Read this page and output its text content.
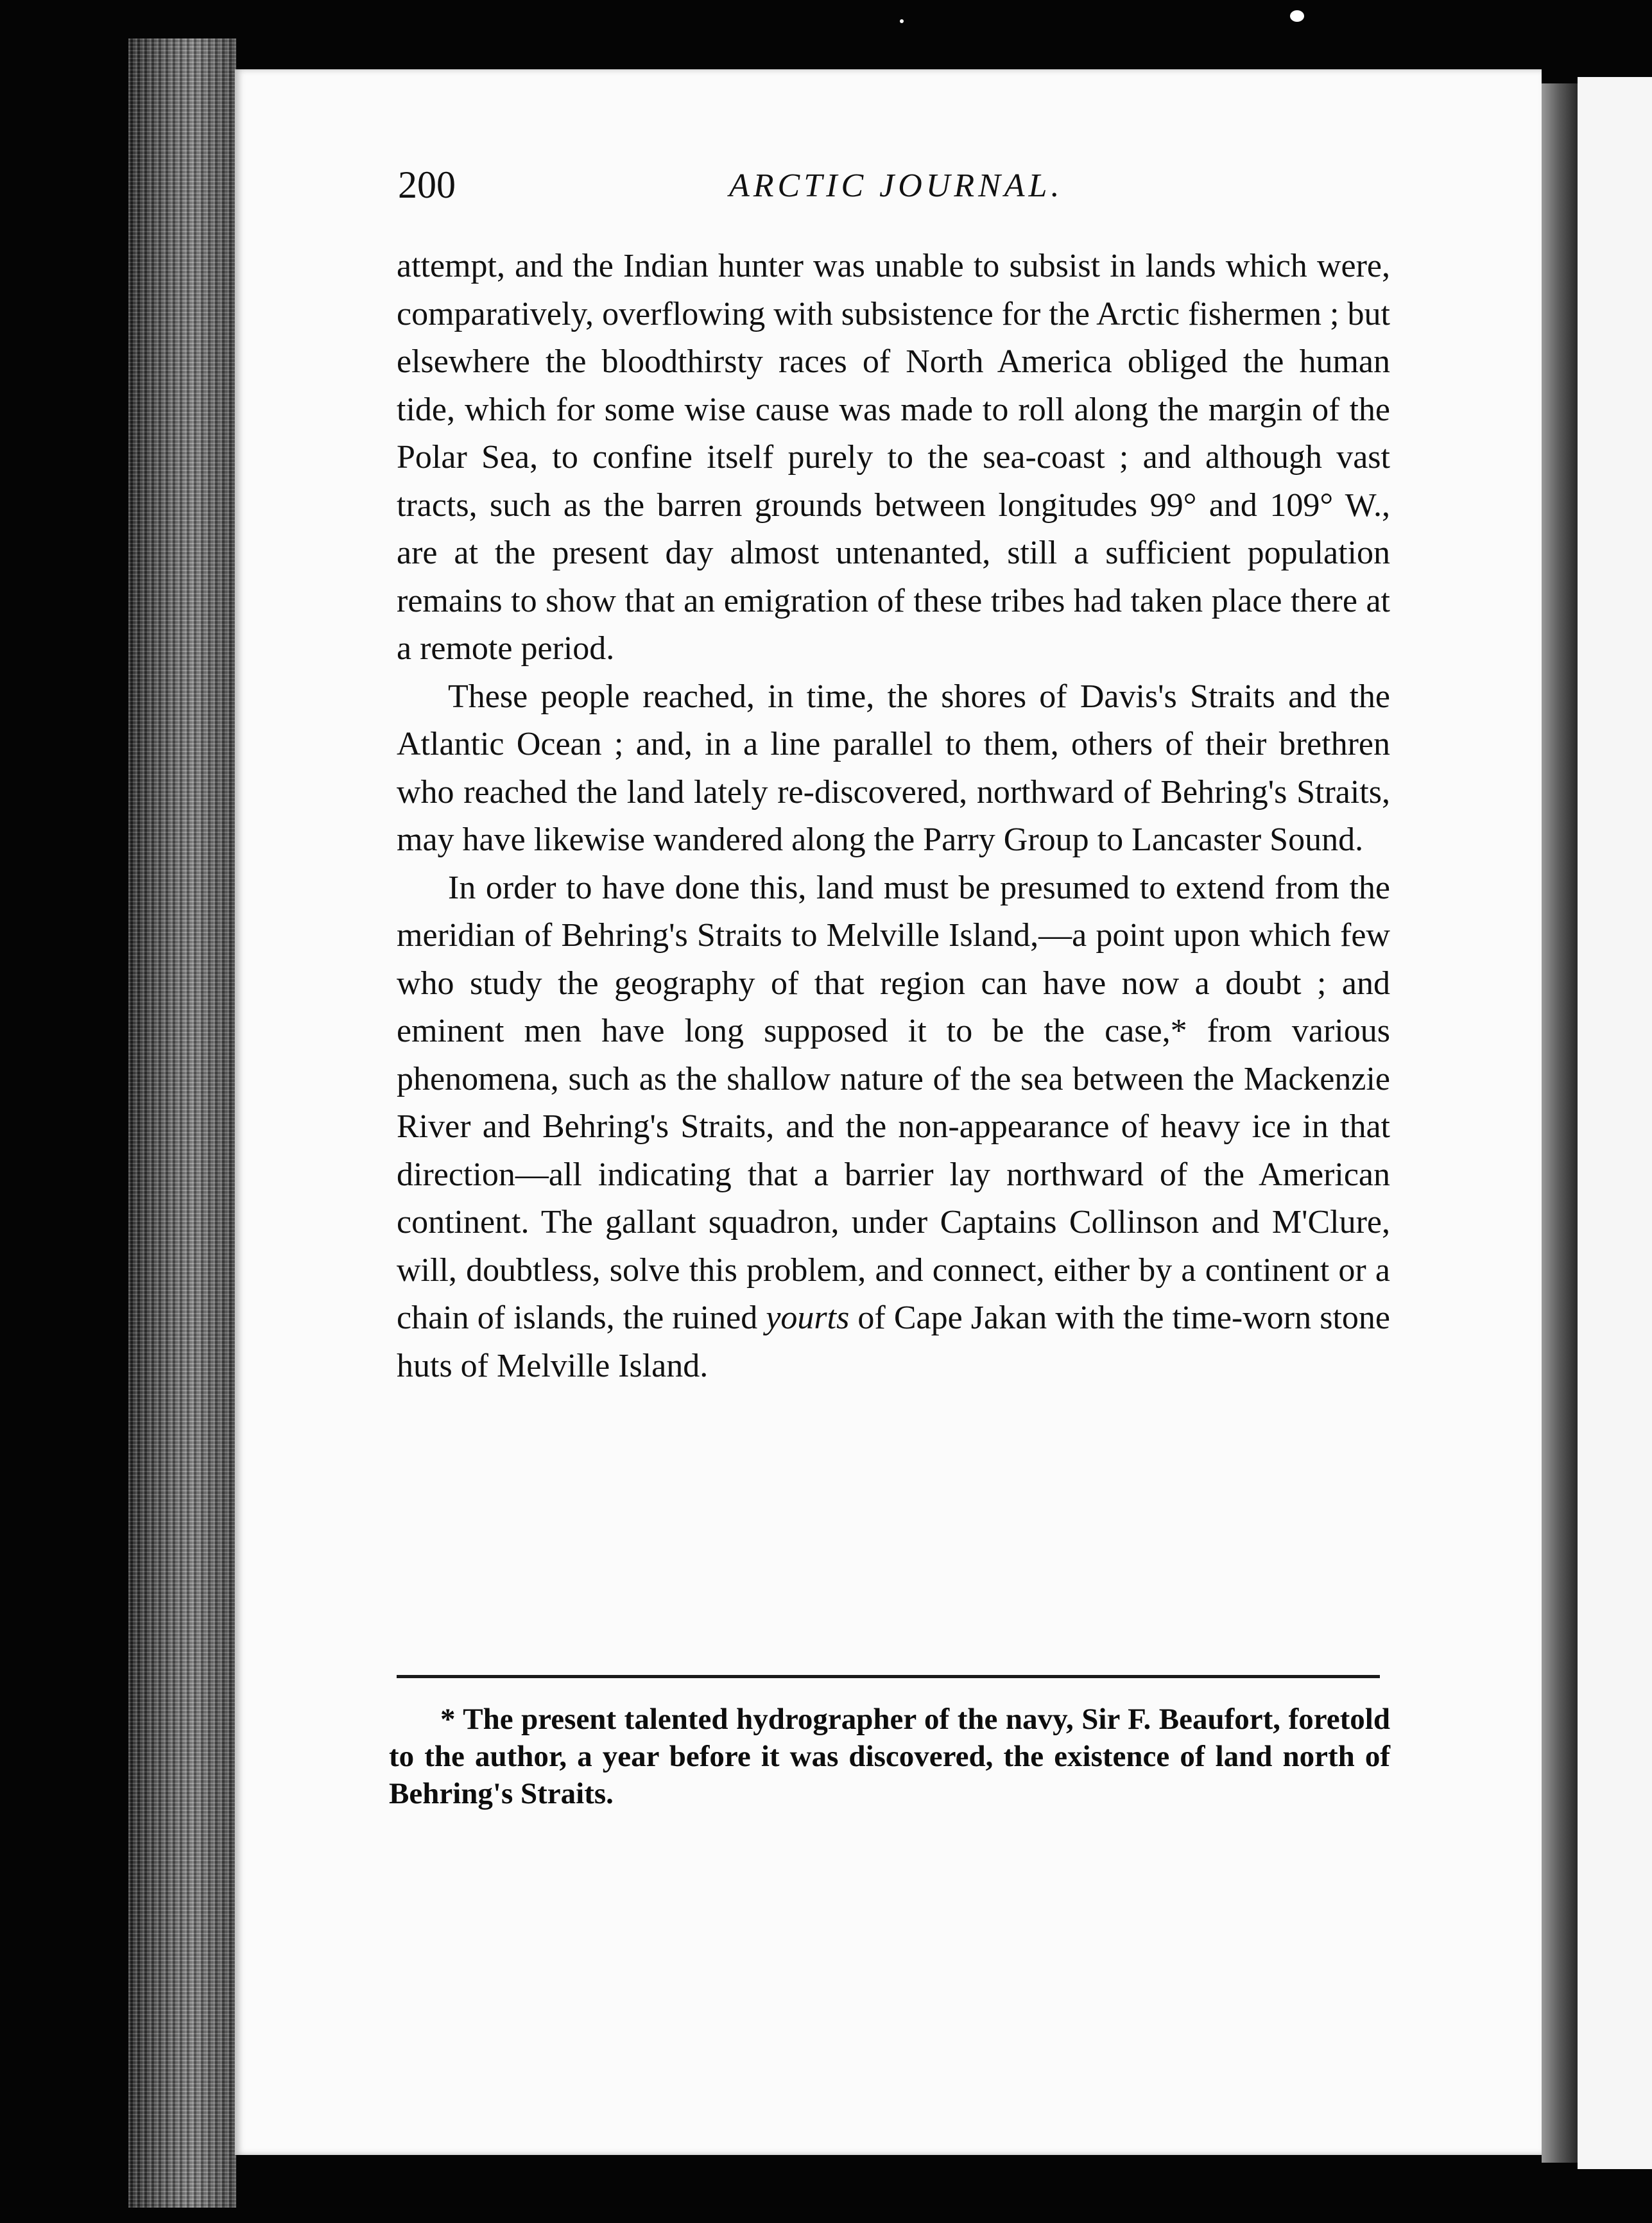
200	ARCTIC JOURNAL.

attempt, and the Indian hunter was unable to subsist in lands which were, comparatively, overflowing with subsistence for the Arctic fishermen ; but elsewhere the bloodthirsty races of North America obliged the human tide, which for some wise cause was made to roll along the margin of the Polar Sea, to confine itself purely to the sea-coast ; and although vast tracts, such as the barren grounds between longitudes 99° and 109° W., are at the present day almost untenanted, still a sufficient population remains to show that an emigration of these tribes had taken place there at a remote period.

These people reached, in time, the shores of Davis's Straits and the Atlantic Ocean ; and, in a line parallel to them, others of their brethren who reached the land lately re-discovered, northward of Behring's Straits, may have likewise wandered along the Parry Group to Lancaster Sound.

In order to have done this, land must be presumed to extend from the meridian of Behring's Straits to Melville Island,—a point upon which few who study the geography of that region can have now a doubt ; and eminent men have long supposed it to be the case,* from various phenomena, such as the shallow nature of the sea between the Mackenzie River and Behring's Straits, and the non-appearance of heavy ice in that direction—all indicating that a barrier lay northward of the American continent. The gallant squadron, under Captains Collinson and M'Clure, will, doubtless, solve this problem, and connect, either by a continent or a chain of islands, the ruined yourts of Cape Jakan with the time-worn stone huts of Melville Island.

* The present talented hydrographer of the navy, Sir F. Beaufort, foretold to the author, a year before it was discovered, the existence of land north of Behring's Straits.
